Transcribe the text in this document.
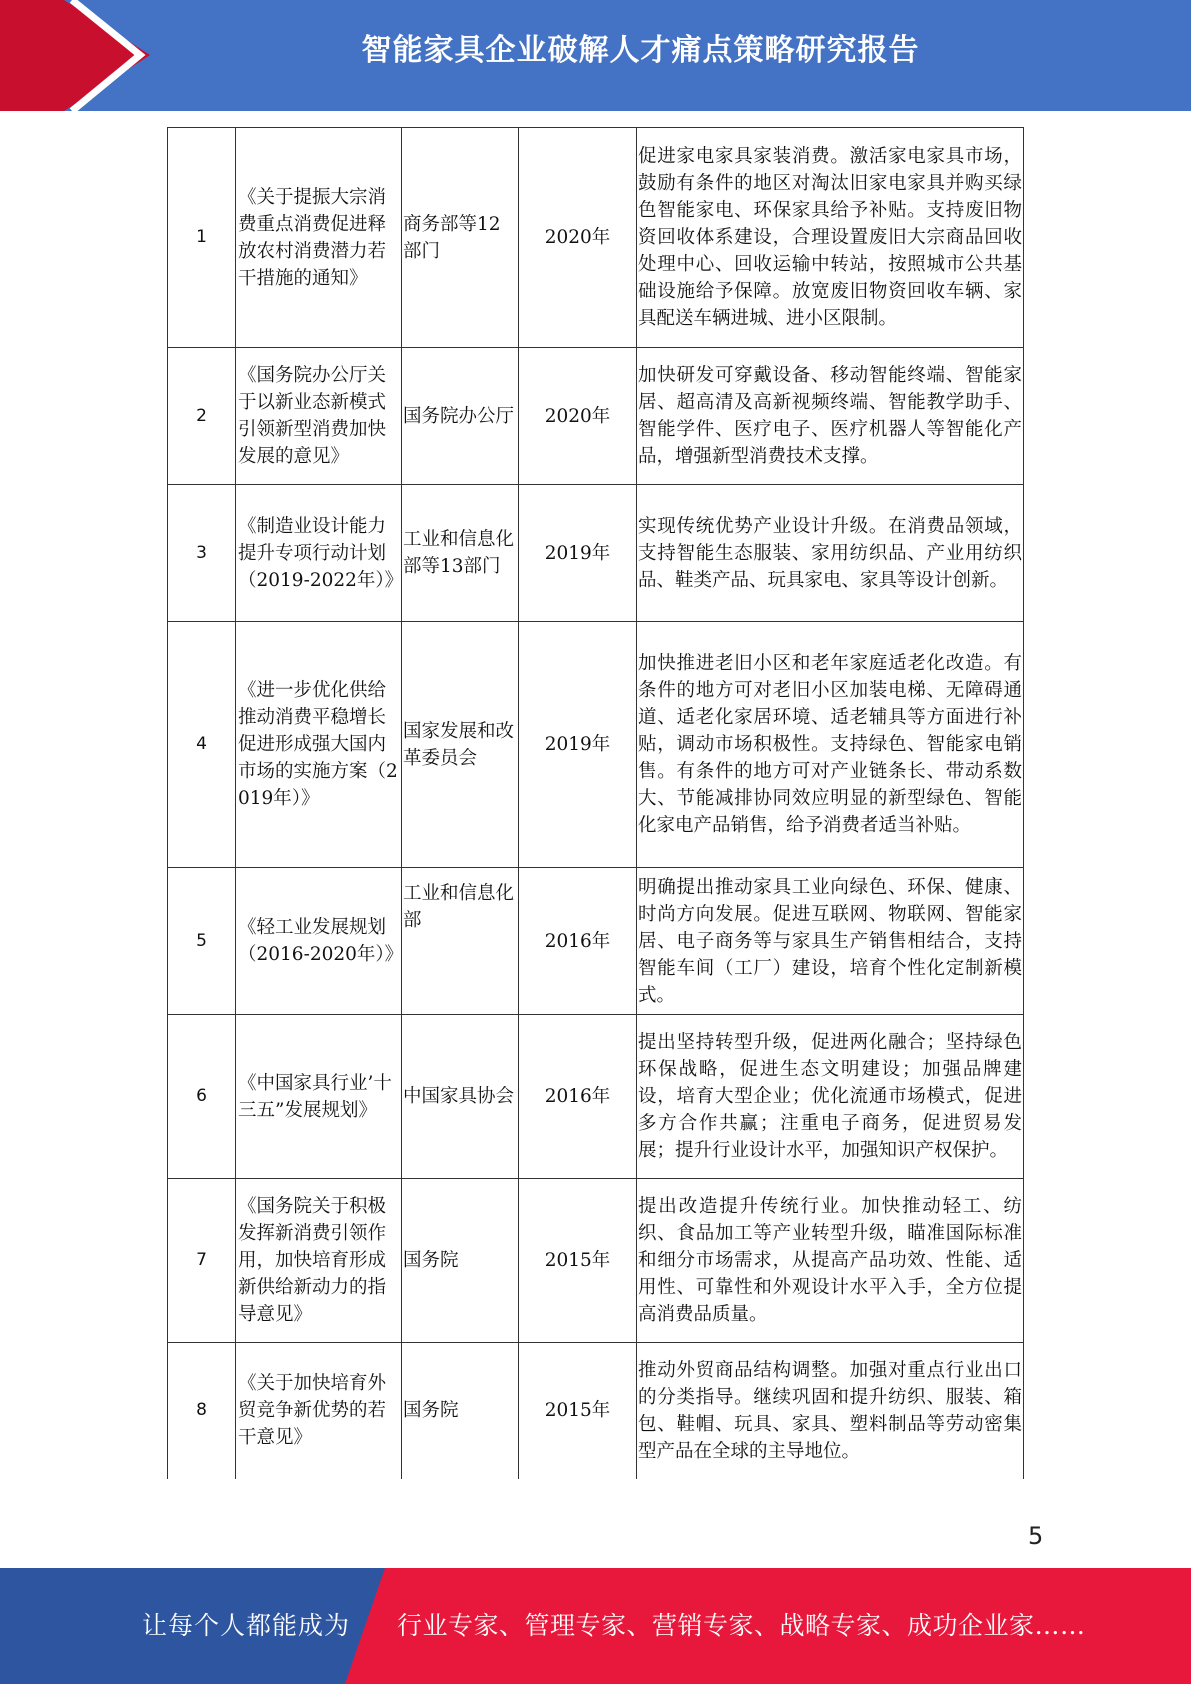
智能家具企业破解人才痛点策略研究报告
1	《关于提振大宗消费重点消费促进释放农村消费潜力若干措施的通知》	商务部等12部门	2020年	促进家电家具家装消费。激活家电家具市场，鼓励有条件的地区对淘汰旧家电家具并购买绿色智能家电、环保家具给予补贴。支持废旧物资回收体系建设，合理设置废旧大宗商品回收处理中心、回收运输中转站，按照城市公共基础设施给予保障。放宽废旧物资回收车辆、家具配送车辆进城、进小区限制。
2	《国务院办公厅关于以新业态新模式引领新型消费加快发展的意见》	国务院办公厅	2020年	加快研发可穿戴设备、移动智能终端、智能家居、超高清及高新视频终端、智能教学助手、智能学件、医疗电子、医疗机器人等智能化产品，增强新型消费技术支撑。
3	《制造业设计能力提升专项行动计划（2019-2022年）》	工业和信息化部等13部门	2019年	实现传统优势产业设计升级。在消费品领域，支持智能生态服装、家用纺织品、产业用纺织品、鞋类产品、玩具家电、家具等设计创新。
4	《进一步优化供给推动消费平稳增长促进形成强大国内市场的实施方案（2019年）》	国家发展和改革委员会	2019年	加快推进老旧小区和老年家庭适老化改造。有条件的地方可对老旧小区加装电梯、无障碍通道、适老化家居环境、适老辅具等方面进行补贴，调动市场积极性。支持绿色、智能家电销售。有条件的地方可对产业链条长、带动系数大、节能减排协同效应明显的新型绿色、智能化家电产品销售，给予消费者适当补贴。
5	《轻工业发展规划（2016-2020年）》	工业和信息化部	2016年	明确提出推动家具工业向绿色、环保、健康、时尚方向发展。促进互联网、物联网、智能家居、电子商务等与家具生产销售相结合，支持智能车间（工厂）建设，培育个性化定制新模式。
6	《中国家具行业’十三五”发展规划》	中国家具协会	2016年	提出坚持转型升级，促进两化融合；坚持绿色环保战略，促进生态文明建设；加强品牌建设，培育大型企业；优化流通市场模式，促进多方合作共赢；注重电子商务，促进贸易发展；提升行业设计水平，加强知识产权保护。
7	《国务院关于积极发挥新消费引领作用，加快培育形成新供给新动力的指导意见》	国务院	2015年	提出改造提升传统行业。加快推动轻工、纺织、食品加工等产业转型升级，瞄准国际标准和细分市场需求，从提高产品功效、性能、适用性、可靠性和外观设计水平入手，全方位提高消费品质量。
8	《关于加快培育外贸竞争新优势的若干意见》	国务院	2015年	推动外贸商品结构调整。加强对重点行业出口的分类指导。继续巩固和提升纺织、服装、箱包、鞋帽、玩具、家具、塑料制品等劳动密集型产品在全球的主导地位。
5
让每个人都能成为 行业专家、管理专家、营销专家、战略专家、成功企业家……
